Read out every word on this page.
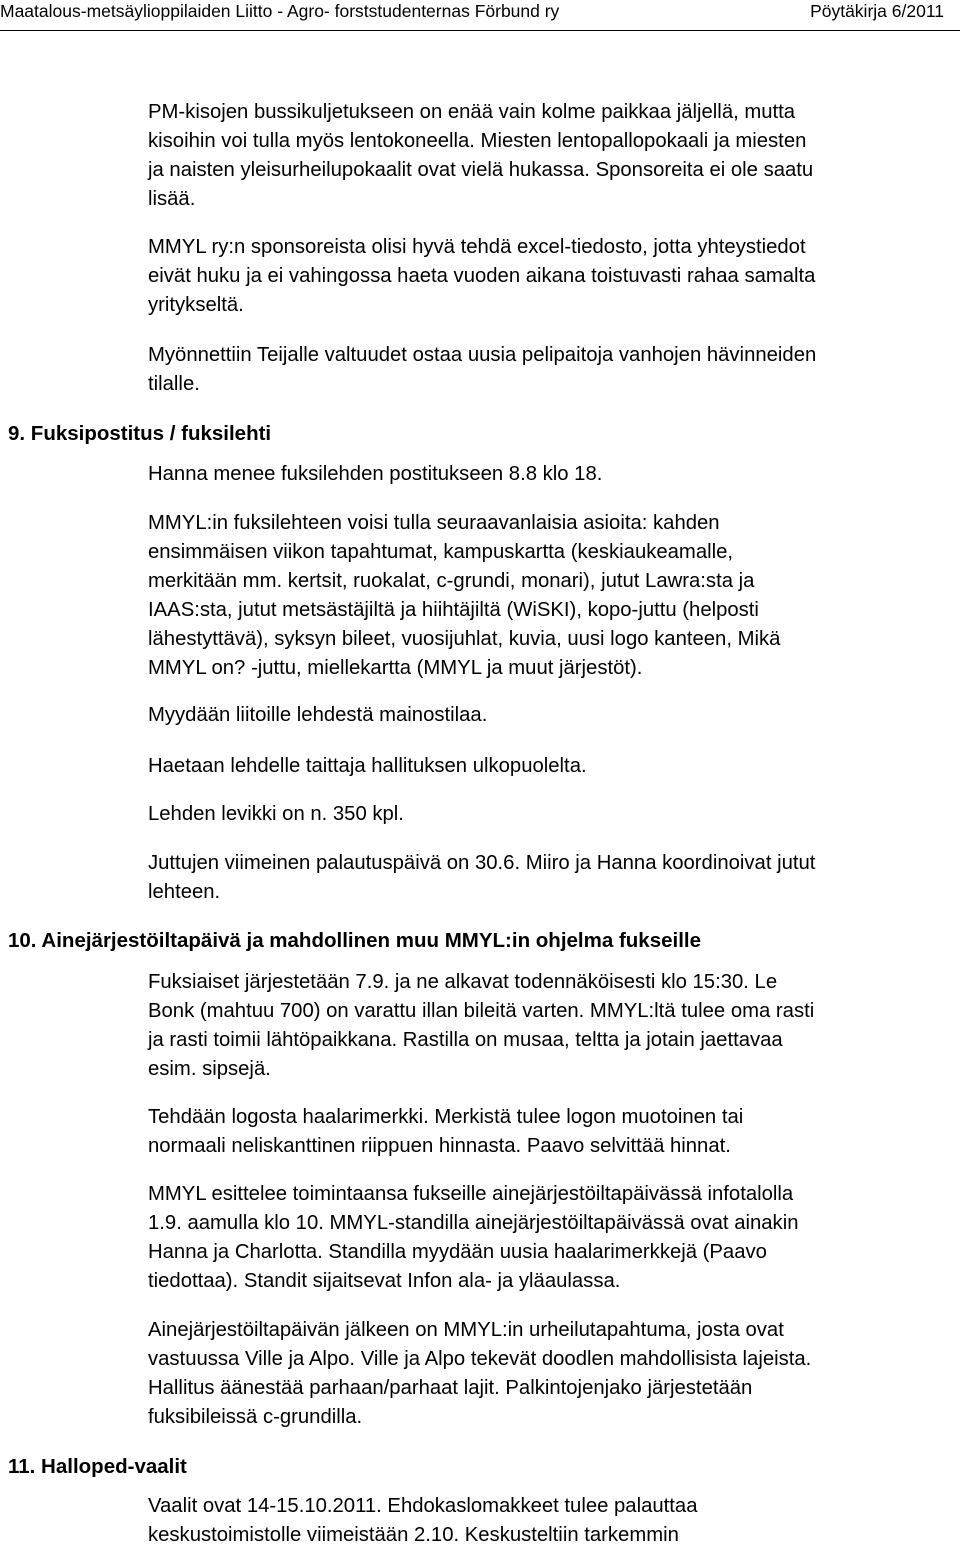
Maatalous-metsäylioppilaiden Liitto - Agro- forststudenternas Förbund ry	Pöytäkirja 6/2011

PM-kisojen bussikuljetukseen on enää vain kolme paikkaa jäljellä, mutta
kisoihin voi tulla myös lentokoneella. Miesten lentopallopokaali ja miesten
ja naisten yleisurheilupokaalit ovat vielä hukassa. Sponsoreita ei ole saatu
lisää.

MMYL ry:n sponsoreista olisi hyvä tehdä excel-tiedosto, jotta yhteystiedot
eivät huku ja ei vahingossa haeta vuoden aikana toistuvasti rahaa samalta
yritykseltä.

Myönnettiin Teijalle valtuudet ostaa uusia pelipaitoja vanhojen hävinneiden
tilalle.

9. Fuksipostitus / fuksilehti

Hanna menee fuksilehden postitukseen 8.8 klo 18.

MMYL:in fuksilehteen voisi tulla seuraavanlaisia asioita: kahden
ensimmäisen viikon tapahtumat, kampuskartta (keskiaukeamalle,
merkitään mm. kertsit, ruokalat, c-grundi, monari), jutut Lawra:sta ja
IAAS:sta, jutut metsästäjiltä ja hiihtäjiltä (WiSKI), kopo-juttu (helposti
lähestyttävä), syksyn bileet, vuosijuhlat, kuvia, uusi logo kanteen, Mikä
MMYL on? -juttu, miellekartta (MMYL ja muut järjestöt).

Myydään liitoille lehdestä mainostilaa.

Haetaan lehdelle taittaja hallituksen ulkopuolelta.

Lehden levikki on n. 350 kpl.

Juttujen viimeinen palautuspäivä on 30.6. Miiro ja Hanna koordinoivat jutut
lehteen.

10. Ainejärjestöiltapäivä ja mahdollinen muu MMYL:in ohjelma fukseille

Fuksiaiset järjestetään 7.9. ja ne alkavat todennäköisesti klo 15:30. Le
Bonk (mahtuu 700) on varattu illan bileitä varten. MMYL:ltä tulee oma rasti
ja rasti toimii lähtöpaikkana. Rastilla on musaa, teltta ja jotain jaettavaa
esim. sipsejä.

Tehdään logosta haalarimerkki. Merkistä tulee logon muotoinen tai
normaali neliskanttinen riippuen hinnasta. Paavo selvittää hinnat.

MMYL esittelee toimintaansa fukseille ainejärjestöiltapäivässä infotalolla
1.9. aamulla klo 10. MMYL-standilla ainejärjestöiltapäivässä ovat ainakin
Hanna ja Charlotta. Standilla myydään uusia haalarimerkkejä (Paavo
tiedottaa). Standit sijaitsevat Infon ala- ja yläaulassa.

Ainejärjestöiltapäivän jälkeen on MMYL:in urheilutapahtuma, josta ovat
vastuussa Ville ja Alpo. Ville ja Alpo tekevät doodlen mahdollisista lajeista.
Hallitus äänestää parhaan/parhaat lajit. Palkintojenjako järjestetään
fuksibileissä c-grundilla.

11. Halloped-vaalit

Vaalit ovat 14-15.10.2011. Ehdokaslomakkeet tulee palauttaa
keskustoimistolle viimeistään 2.10. Keskusteltiin tarkemmin
